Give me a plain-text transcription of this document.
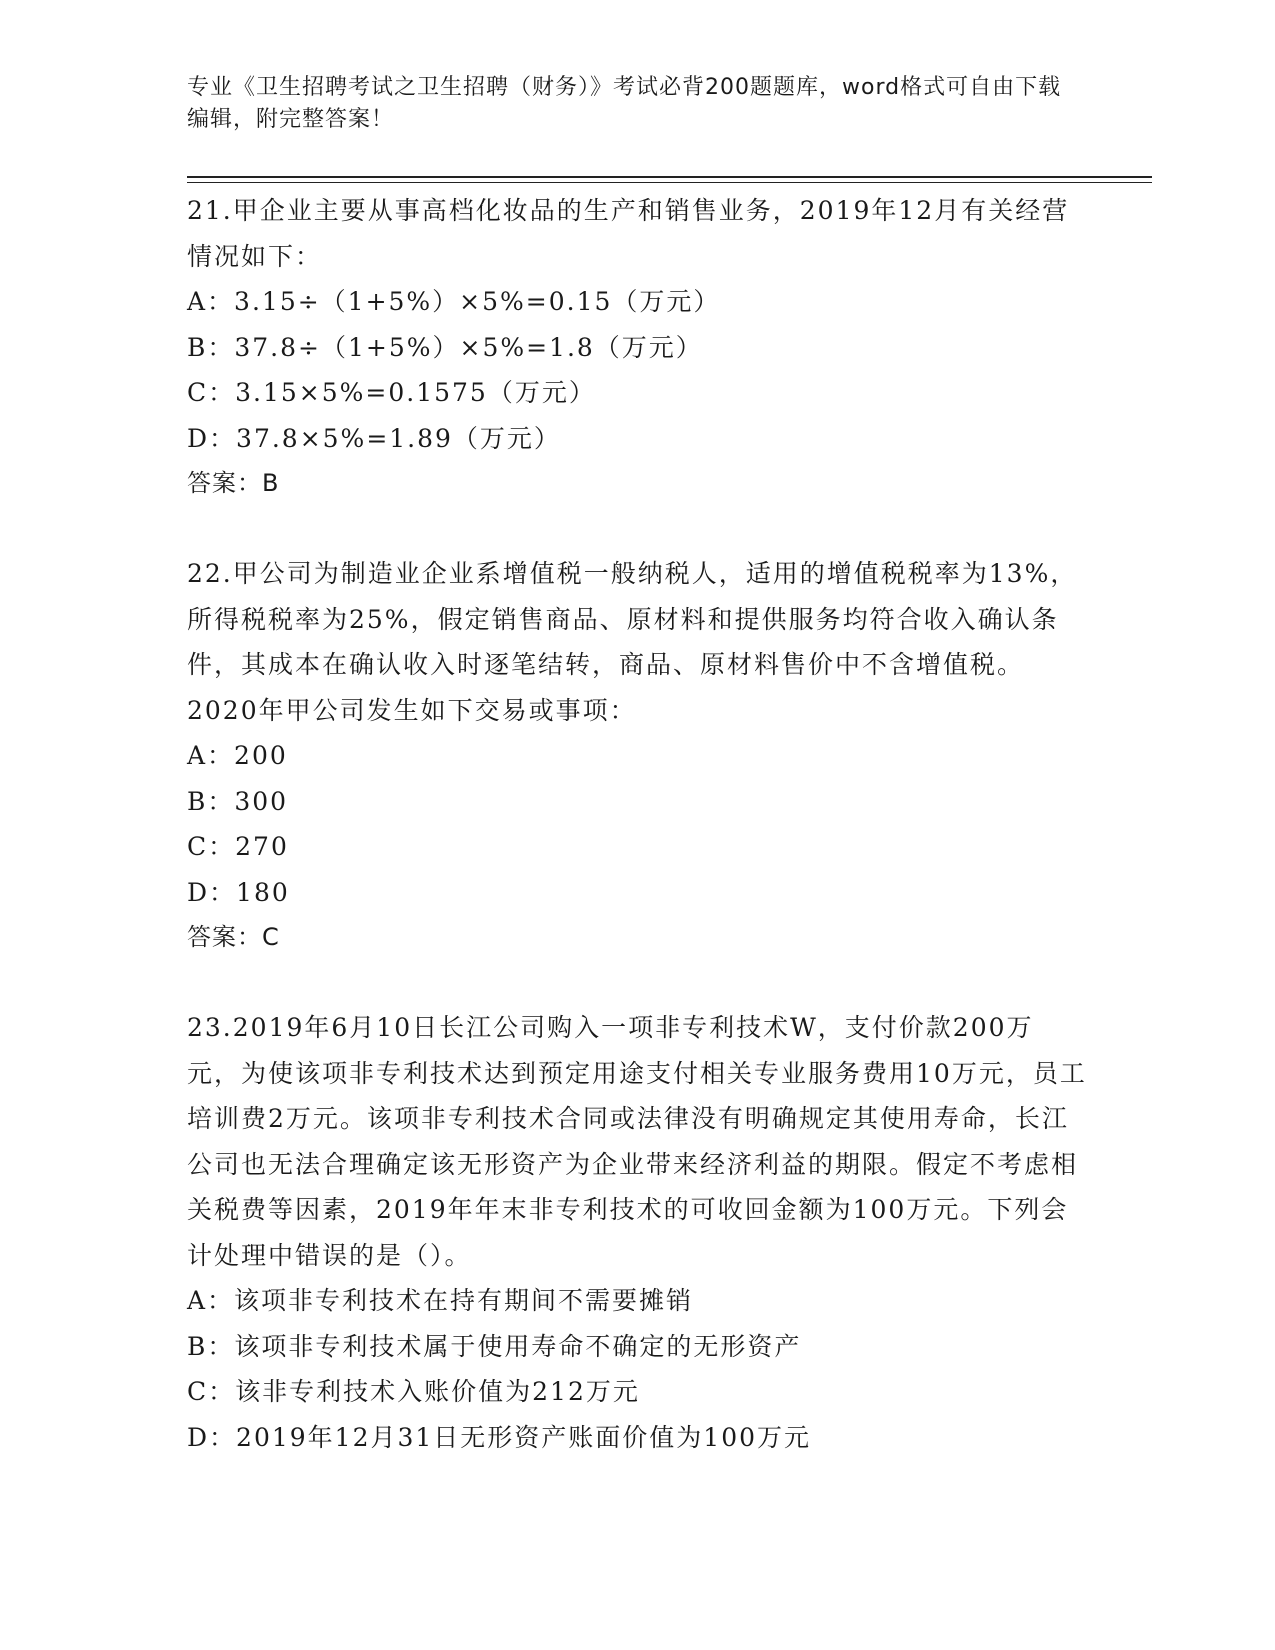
专业《卫生招聘考试之卫生招聘（财务）》考试必背200题题库，word格式可自由下载编辑，附完整答案！

21.甲企业主要从事高档化妆品的生产和销售业务，2019年12月有关经营情况如下：

A：3.15÷（1+5%）×5%=0.15（万元）

B：37.8÷（1+5%）×5%=1.8（万元）

C：3.15×5%=0.1575（万元）

D：37.8×5%=1.89（万元）

答案：B

22.甲公司为制造业企业系增值税一般纳税人，适用的增值税税率为13%，所得税税率为25%，假定销售商品、原材料和提供服务均符合收入确认条件，其成本在确认收入时逐笔结转，商品、原材料售价中不含增值税。2020年甲公司发生如下交易或事项：

A：200

B：300

C：270

D：180

答案：C

23.2019年6月10日长江公司购入一项非专利技术W，支付价款200万元，为使该项非专利技术达到预定用途支付相关专业服务费用10万元，员工培训费2万元。该项非专利技术合同或法律没有明确规定其使用寿命，长江公司也无法合理确定该无形资产为企业带来经济利益的期限。假定不考虑相关税费等因素，2019年年末非专利技术的可收回金额为100万元。下列会计处理中错误的是（）。

A：该项非专利技术在持有期间不需要摊销

B：该项非专利技术属于使用寿命不确定的无形资产

C：该非专利技术入账价值为212万元

D：2019年12月31日无形资产账面价值为100万元
